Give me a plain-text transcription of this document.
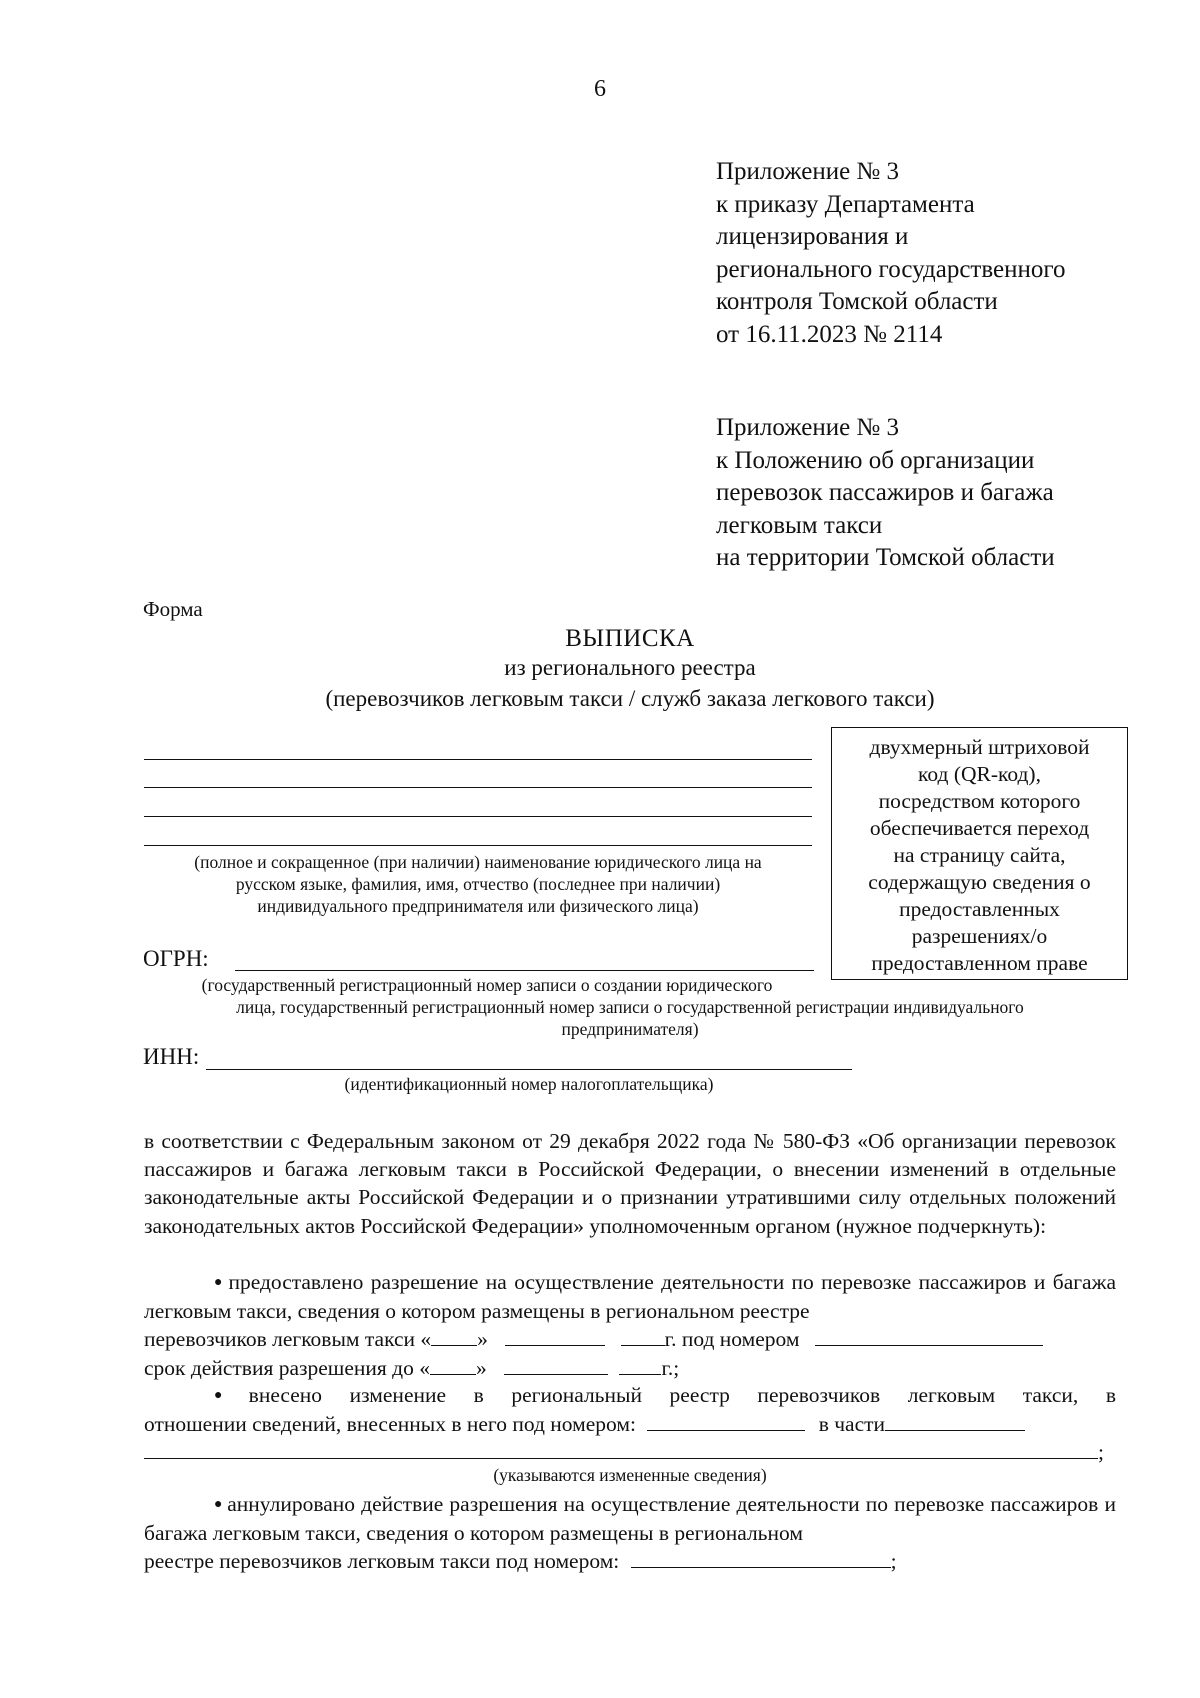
6
Приложение № 3
к приказу Департамента
лицензирования и
регионального государственного
контроля Томской области
от 16.11.2023 № 2114
Приложение № 3
к Положению об организации
перевозок пассажиров и багажа
легковым такси
на территории Томской области
Форма
ВЫПИСКА
из регионального реестра
(перевозчиков легковым такси / служб заказа легкового такси)
(полное и сокращенное (при наличии) наименование юридического лица на
русском языке, фамилия, имя, отчество (последнее при наличии)
индивидуального предпринимателя или физического лица)
двухмерный штриховой
код (QR-код),
посредством которого
обеспечивается переход
на страницу сайта,
содержащую сведения о
предоставленных
разрешениях/о
предоставленном праве
ОГРН:
(государственный регистрационный номер записи о создании юридического
лица, государственный регистрационный номер записи о государственной регистрации индивидуального
предпринимателя)
ИНН:
(идентификационный номер налогоплательщика)

в соответствии с Федеральным законом от 29 декабря 2022 года № 580-ФЗ «Об организации перевозок пассажиров и багажа легковым такси в Российской Федерации, о внесении изменений в отдельные законодательные акты Российской Федерации и о признании утратившими силу отдельных положений законодательных актов Российской Федерации» уполномоченным органом (нужное подчеркнуть):

● предоставлено разрешение на осуществление деятельности по перевозке пассажиров и багажа легковым такси, сведения о котором размещены в региональном реестре

перевозчиков легковым такси « »	г. под номером
срок действия разрешения до « »	г.;
● внесено изменение в региональный реестр перевозчиков легковым такси, в
отношении сведений, внесенных в него под номером:	в части
;
(указываются измененные сведения)

● аннулировано действие разрешения на осуществление деятельности по перевозке пассажиров и багажа легковым такси, сведения о котором размещены в региональном

реестре перевозчиков легковым такси под номером:	;
